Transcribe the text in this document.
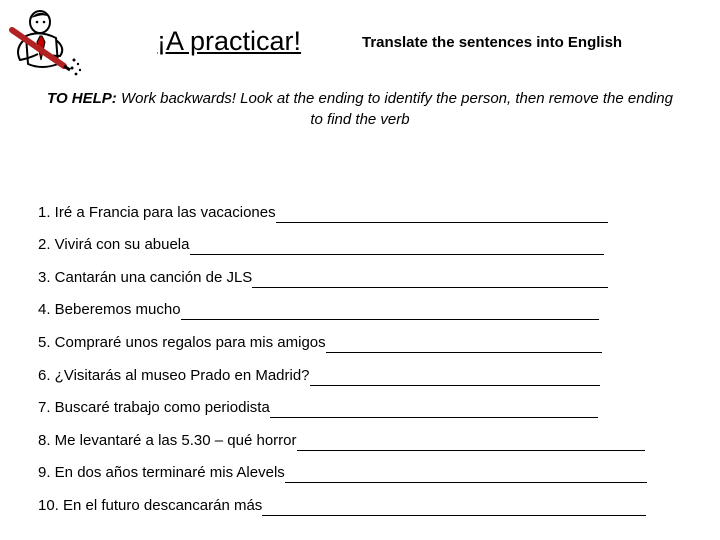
¡A practicar!	Translate the sentences into English
TO HELP: Work backwards! Look at the ending to identify the person, then remove the ending to find the verb
1. Iré a Francia para las vacaciones
2. Vivirá con su abuela
3. Cantarán una canción de JLS
4. Beberemos mucho
5. Compraré unos regalos para mis amigos
6. ¿Visitarás al museo Prado en Madrid?
7. Buscaré trabajo como periodista
8. Me levantaré a las 5.30 – qué horror
9. En dos años terminaré mis Alevels
10. En el futuro descancarán más
